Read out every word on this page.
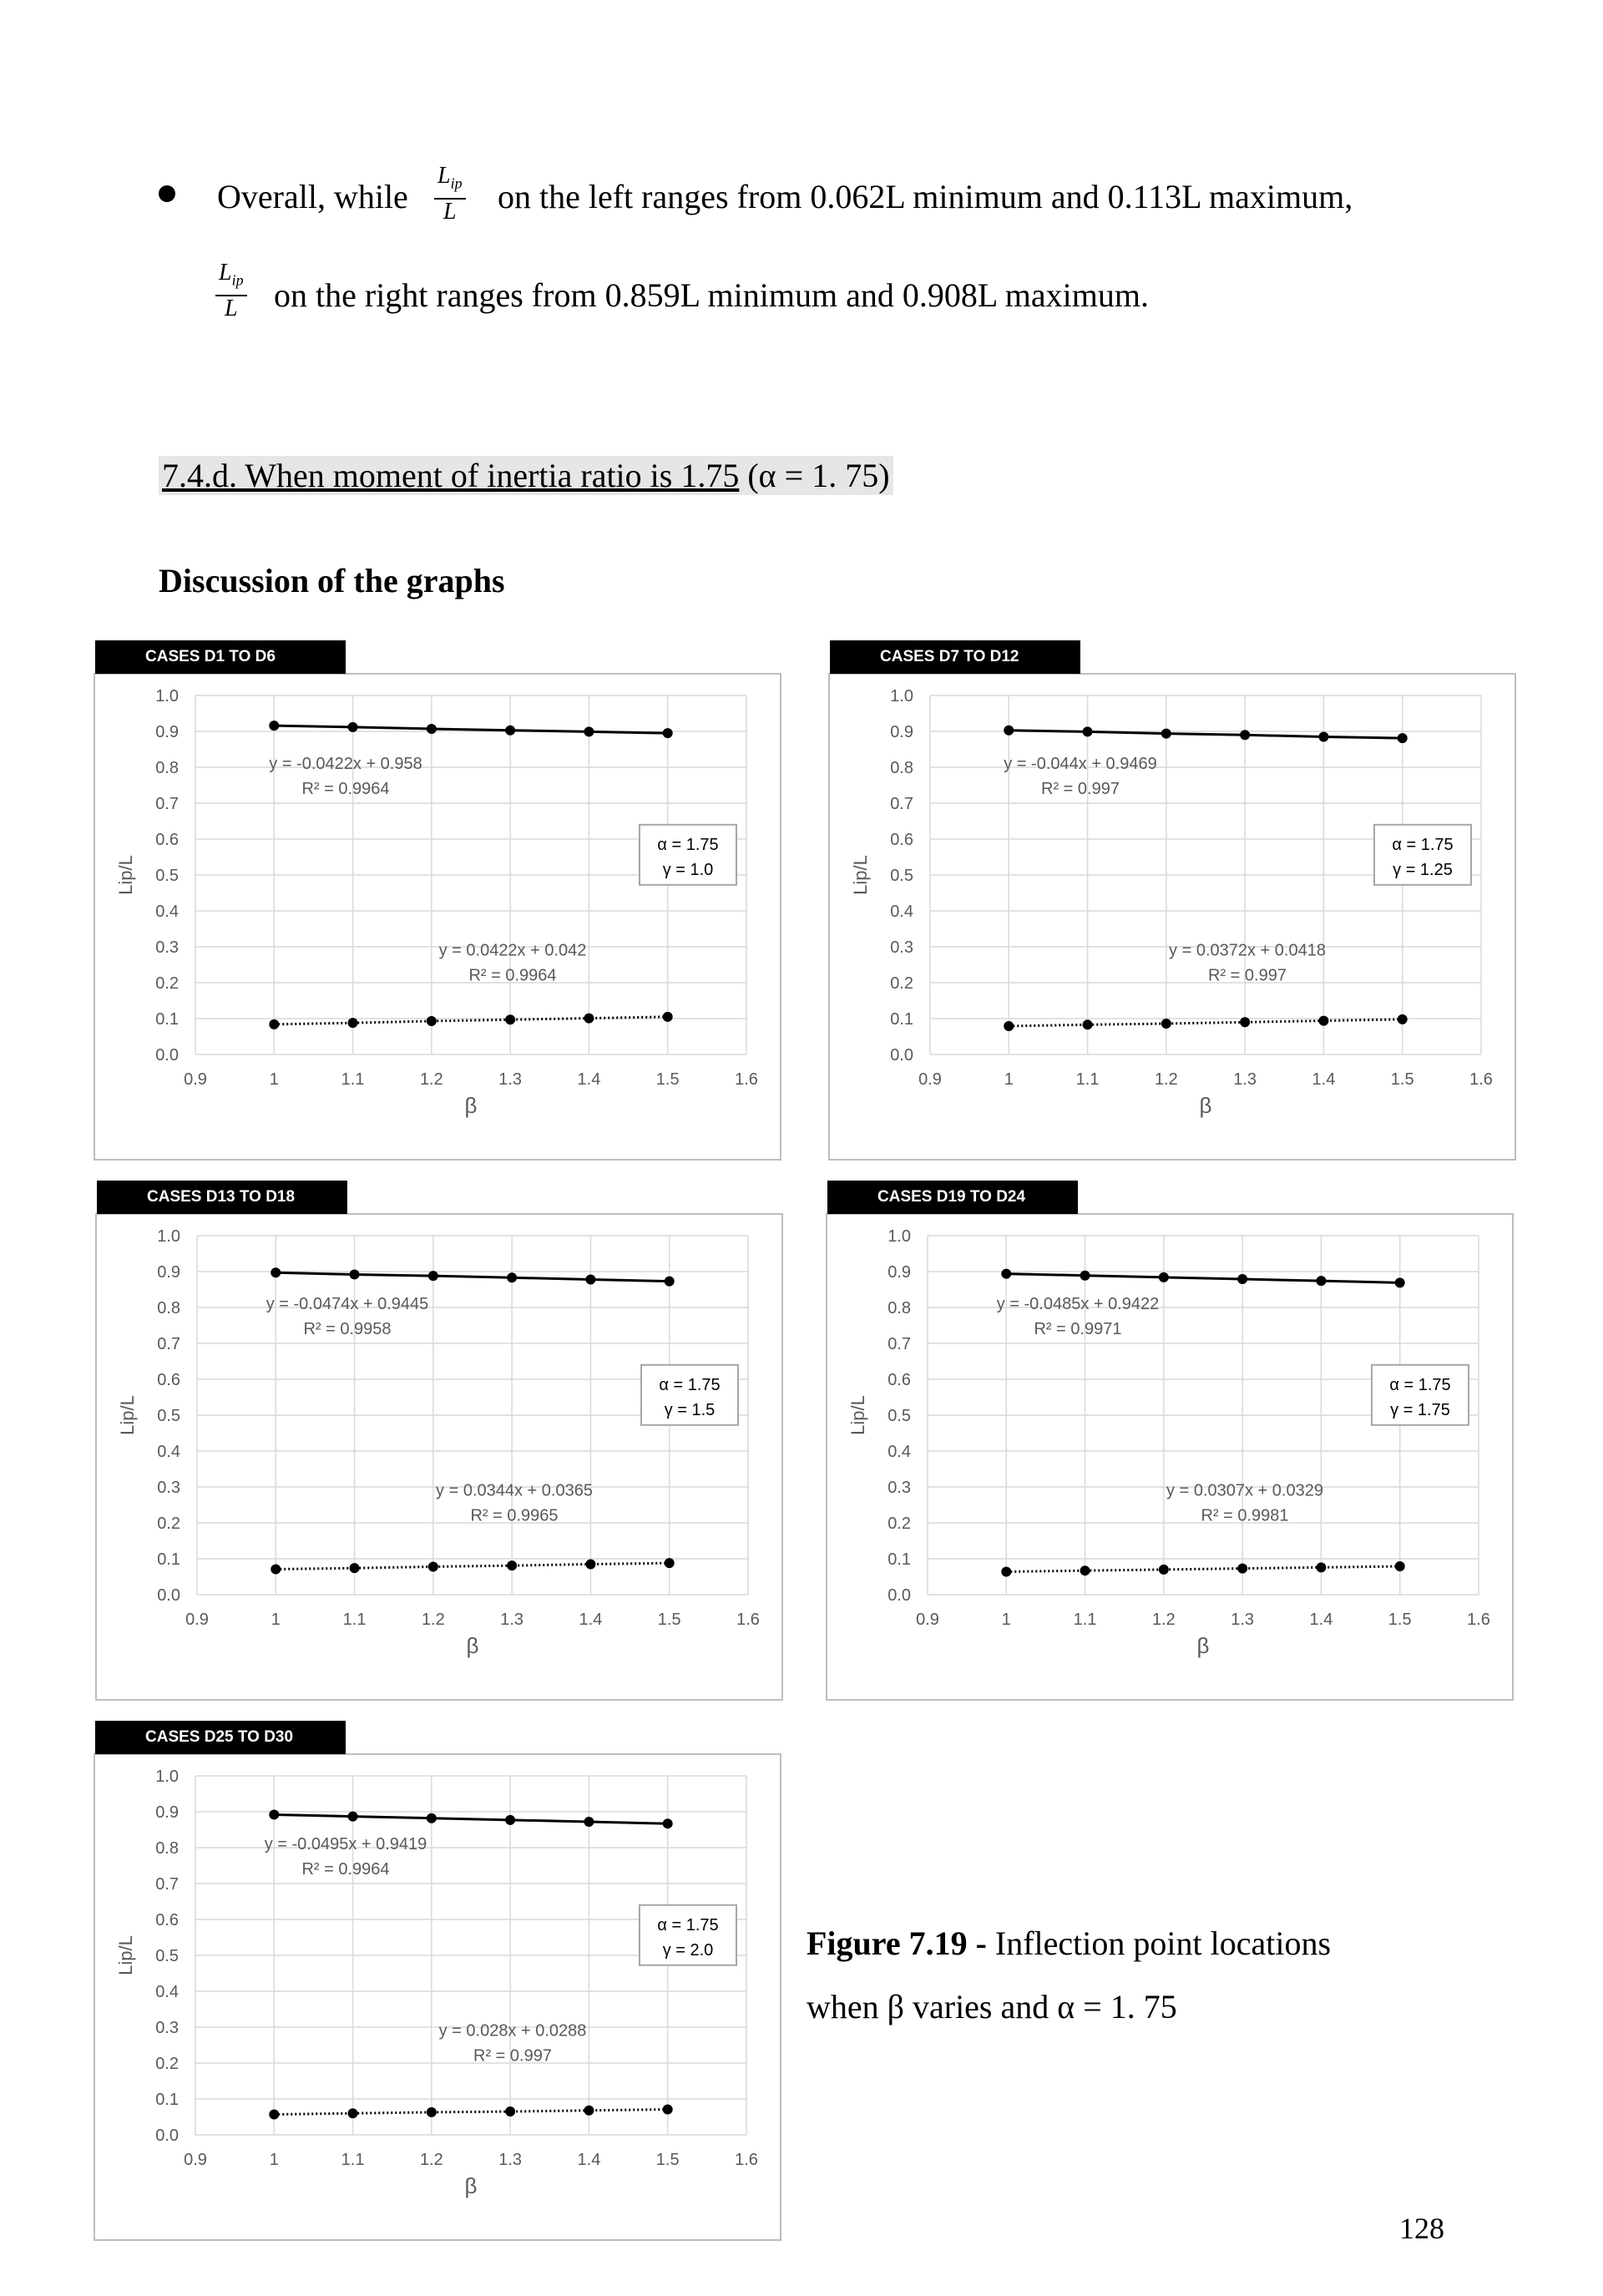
Overall, while
$L_{ip}$
L on the left ranges from 0.062L minimum and 0.113L maximum,
$L_{ip}$
L on the right ranges from 0.859L minimum and 0.908L maximum.
7.4.d. When moment of inertia ratio is 1.75 (α = 1. 75)
Discussion of the graphs
0.0
0.1
0.2
0.3
0.4
0.5
0.6
0.7
0.8
0.9
1.0
0.9	1	1.1	1.2	1.3	1.4	1.5	1.6
β
Lip/L
y = -0.0422x + 0.958
R² = 0.9964
y = 0.0422x + 0.042
R² = 0.9964
α = 1.75
γ = 1.0
CASES D1 TO D6
0.0
0.1
0.2
0.3
0.4
0.5
0.6
0.7
0.8
0.9
1.0
0.9	1	1.1	1.2	1.3	1.4	1.5	1.6
β
Lip/L
y = -0.044x + 0.9469
R² = 0.997
y = 0.0372x + 0.0418
R² = 0.997
α = 1.75
γ = 1.25
CASES D7 TO D12
0.0
0.1
0.2
0.3
0.4
0.5
0.6
0.7
0.8
0.9
1.0
0.9	1	1.1	1.2	1.3	1.4	1.5	1.6
β
Lip/L
y = -0.0474x + 0.9445
R² = 0.9958
y = 0.0344x + 0.0365
R² = 0.9965
α = 1.75
γ = 1.5
CASES D13 TO D18
0.0
0.1
0.2
0.3
0.4
0.5
0.6
0.7
0.8
0.9
1.0
0.9	1	1.1	1.2	1.3	1.4	1.5	1.6
β
Lip/L
y = -0.0485x + 0.9422
R² = 0.9971
y = 0.0307x + 0.0329
R² = 0.9981
α = 1.75
γ = 1.75
CASES D19 TO D24
0.0
0.1
0.2
0.3
0.4
0.5
0.6
0.7
0.8
0.9
1.0
0.9	1	1.1	1.2	1.3	1.4	1.5	1.6
β
Lip/L
y = -0.0495x + 0.9419
R² = 0.9964
y = 0.028x + 0.0288
R² = 0.997
α = 1.75
γ = 2.0
CASES D25 TO D30
Figure 7.19 - Inflection point locations
when β varies and α = 1. 75
128
